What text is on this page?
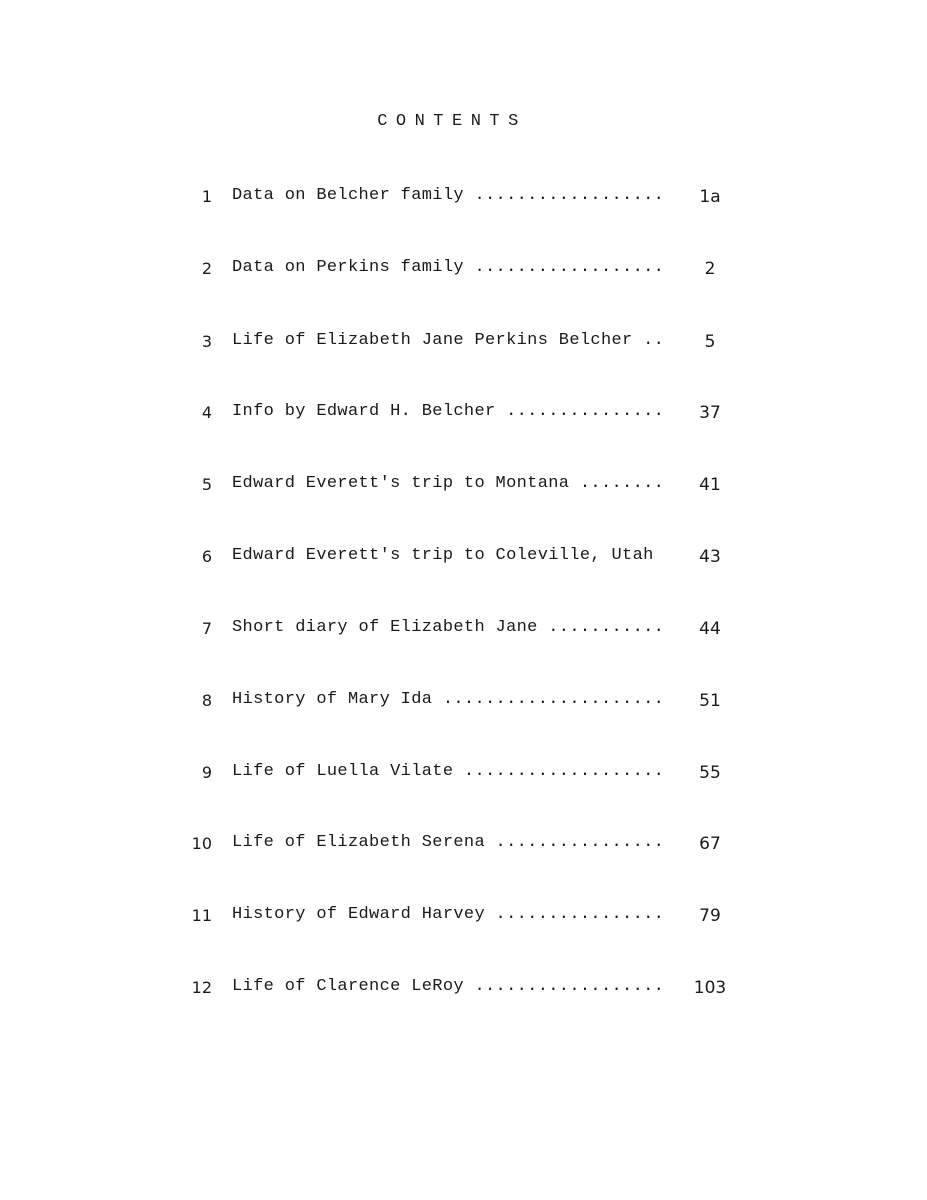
CONTENTS
1 Data on Belcher family ..................	1a
2 Data on Perkins family ..................	2
3 Life of Elizabeth Jane Perkins Belcher ..	5
4 Info by Edward H. Belcher ...............	37
5 Edward Everett's trip to Montana ........	41
6 Edward Everett's trip to Coleville, Utah	43
7 Short diary of Elizabeth Jane ...........	44
8 History of Mary Ida .....................	51
9 Life of Luella Vilate ...................	55
10 Life of Elizabeth Serena ................	67
11 History of Edward Harvey ................	79
12 Life of Clarence LeRoy ..................	103
